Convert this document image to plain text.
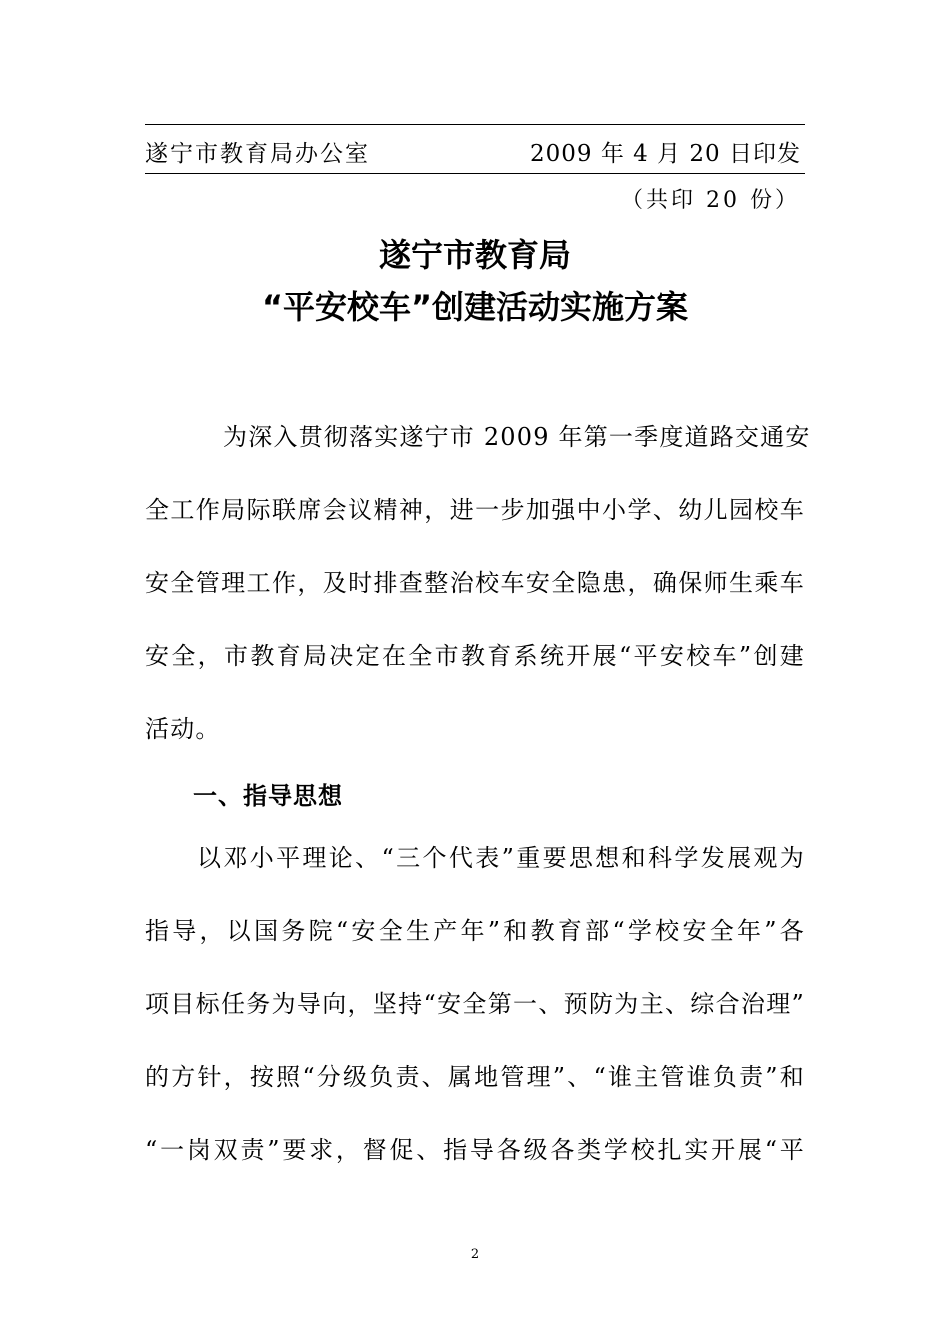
遂宁市教育局办公室	2009 年 4 月 20 日印发
（共印 20 份）
遂宁市教育局
“平安校车”创建活动实施方案
为深入贯彻落实遂宁市 2009 年第一季度道路交通安
全工作局际联席会议精神，进一步加强中小学、幼儿园校车
安全管理工作，及时排查整治校车安全隐患，确保师生乘车
安全，市教育局决定在全市教育系统开展“平安校车”创建
活动。
一、指导思想
以邓小平理论、“三个代表”重要思想和科学发展观为
指导，以国务院“安全生产年”和教育部“学校安全年”各
项目标任务为导向，坚持“安全第一、预防为主、综合治理”
的方针，按照“分级负责、属地管理”、“谁主管谁负责”和
“一岗双责”要求，督促、指导各级各类学校扎实开展“平
2
